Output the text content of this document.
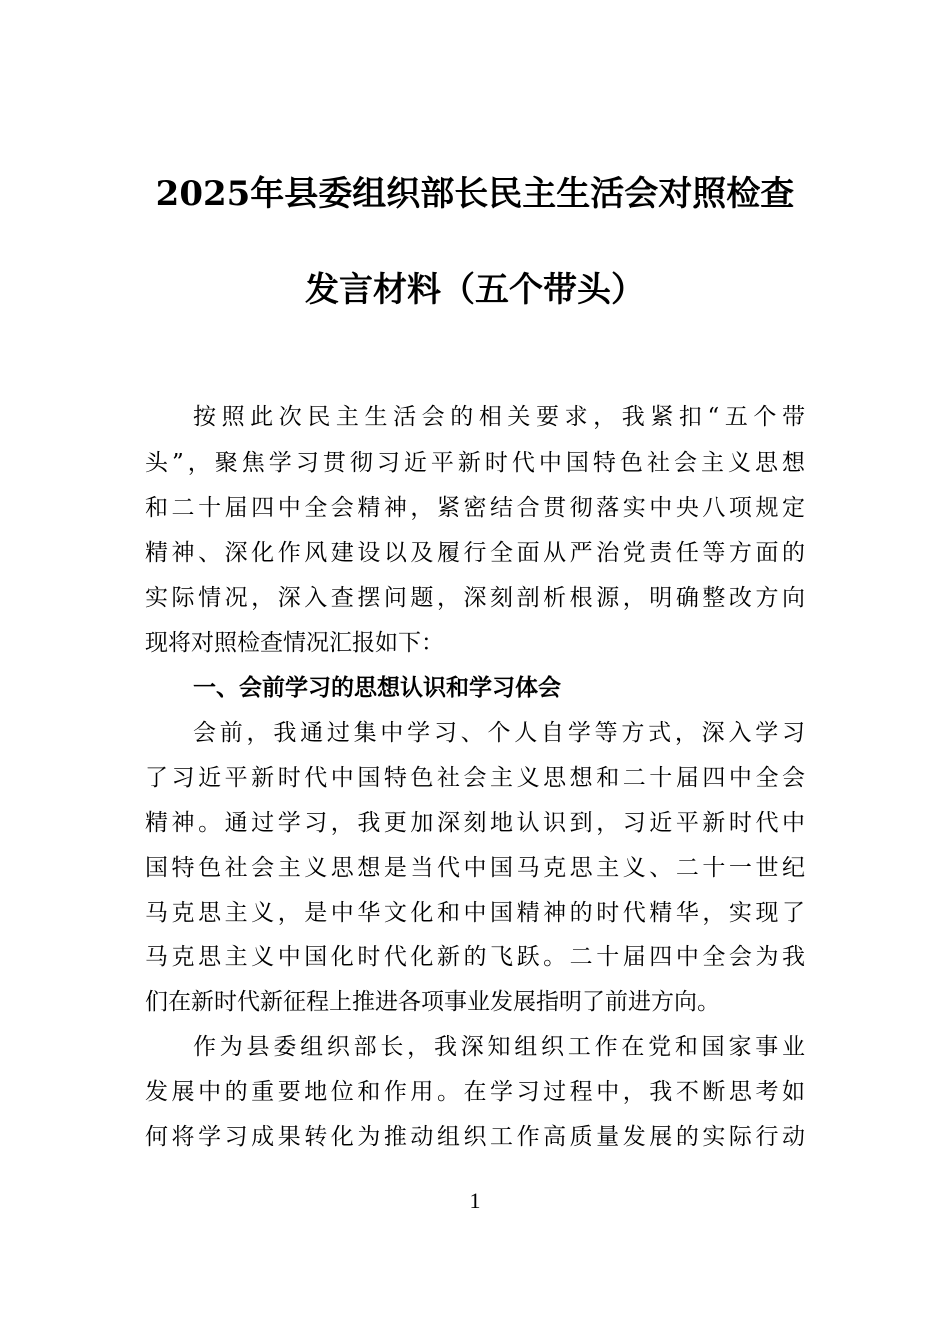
2025年县委组织部长民主生活会对照检查
发言材料（五个带头）
按照此次民主生活会的相关要求，我紧扣“五个带
头”，聚焦学习贯彻习近平新时代中国特色社会主义思想
和二十届四中全会精神，紧密结合贯彻落实中央八项规定
精神、深化作风建设以及履行全面从严治党责任等方面的
实际情况，深入查摆问题，深刻剖析根源，明确整改方向
现将对照检查情况汇报如下：
一、会前学习的思想认识和学习体会
会前，我通过集中学习、个人自学等方式，深入学习
了习近平新时代中国特色社会主义思想和二十届四中全会
精神。通过学习，我更加深刻地认识到，习近平新时代中
国特色社会主义思想是当代中国马克思主义、二十一世纪
马克思主义，是中华文化和中国精神的时代精华，实现了
马克思主义中国化时代化新的飞跃。二十届四中全会为我
们在新时代新征程上推进各项事业发展指明了前进方向。
作为县委组织部长，我深知组织工作在党和国家事业
发展中的重要地位和作用。在学习过程中，我不断思考如
何将学习成果转化为推动组织工作高质量发展的实际行动
1
